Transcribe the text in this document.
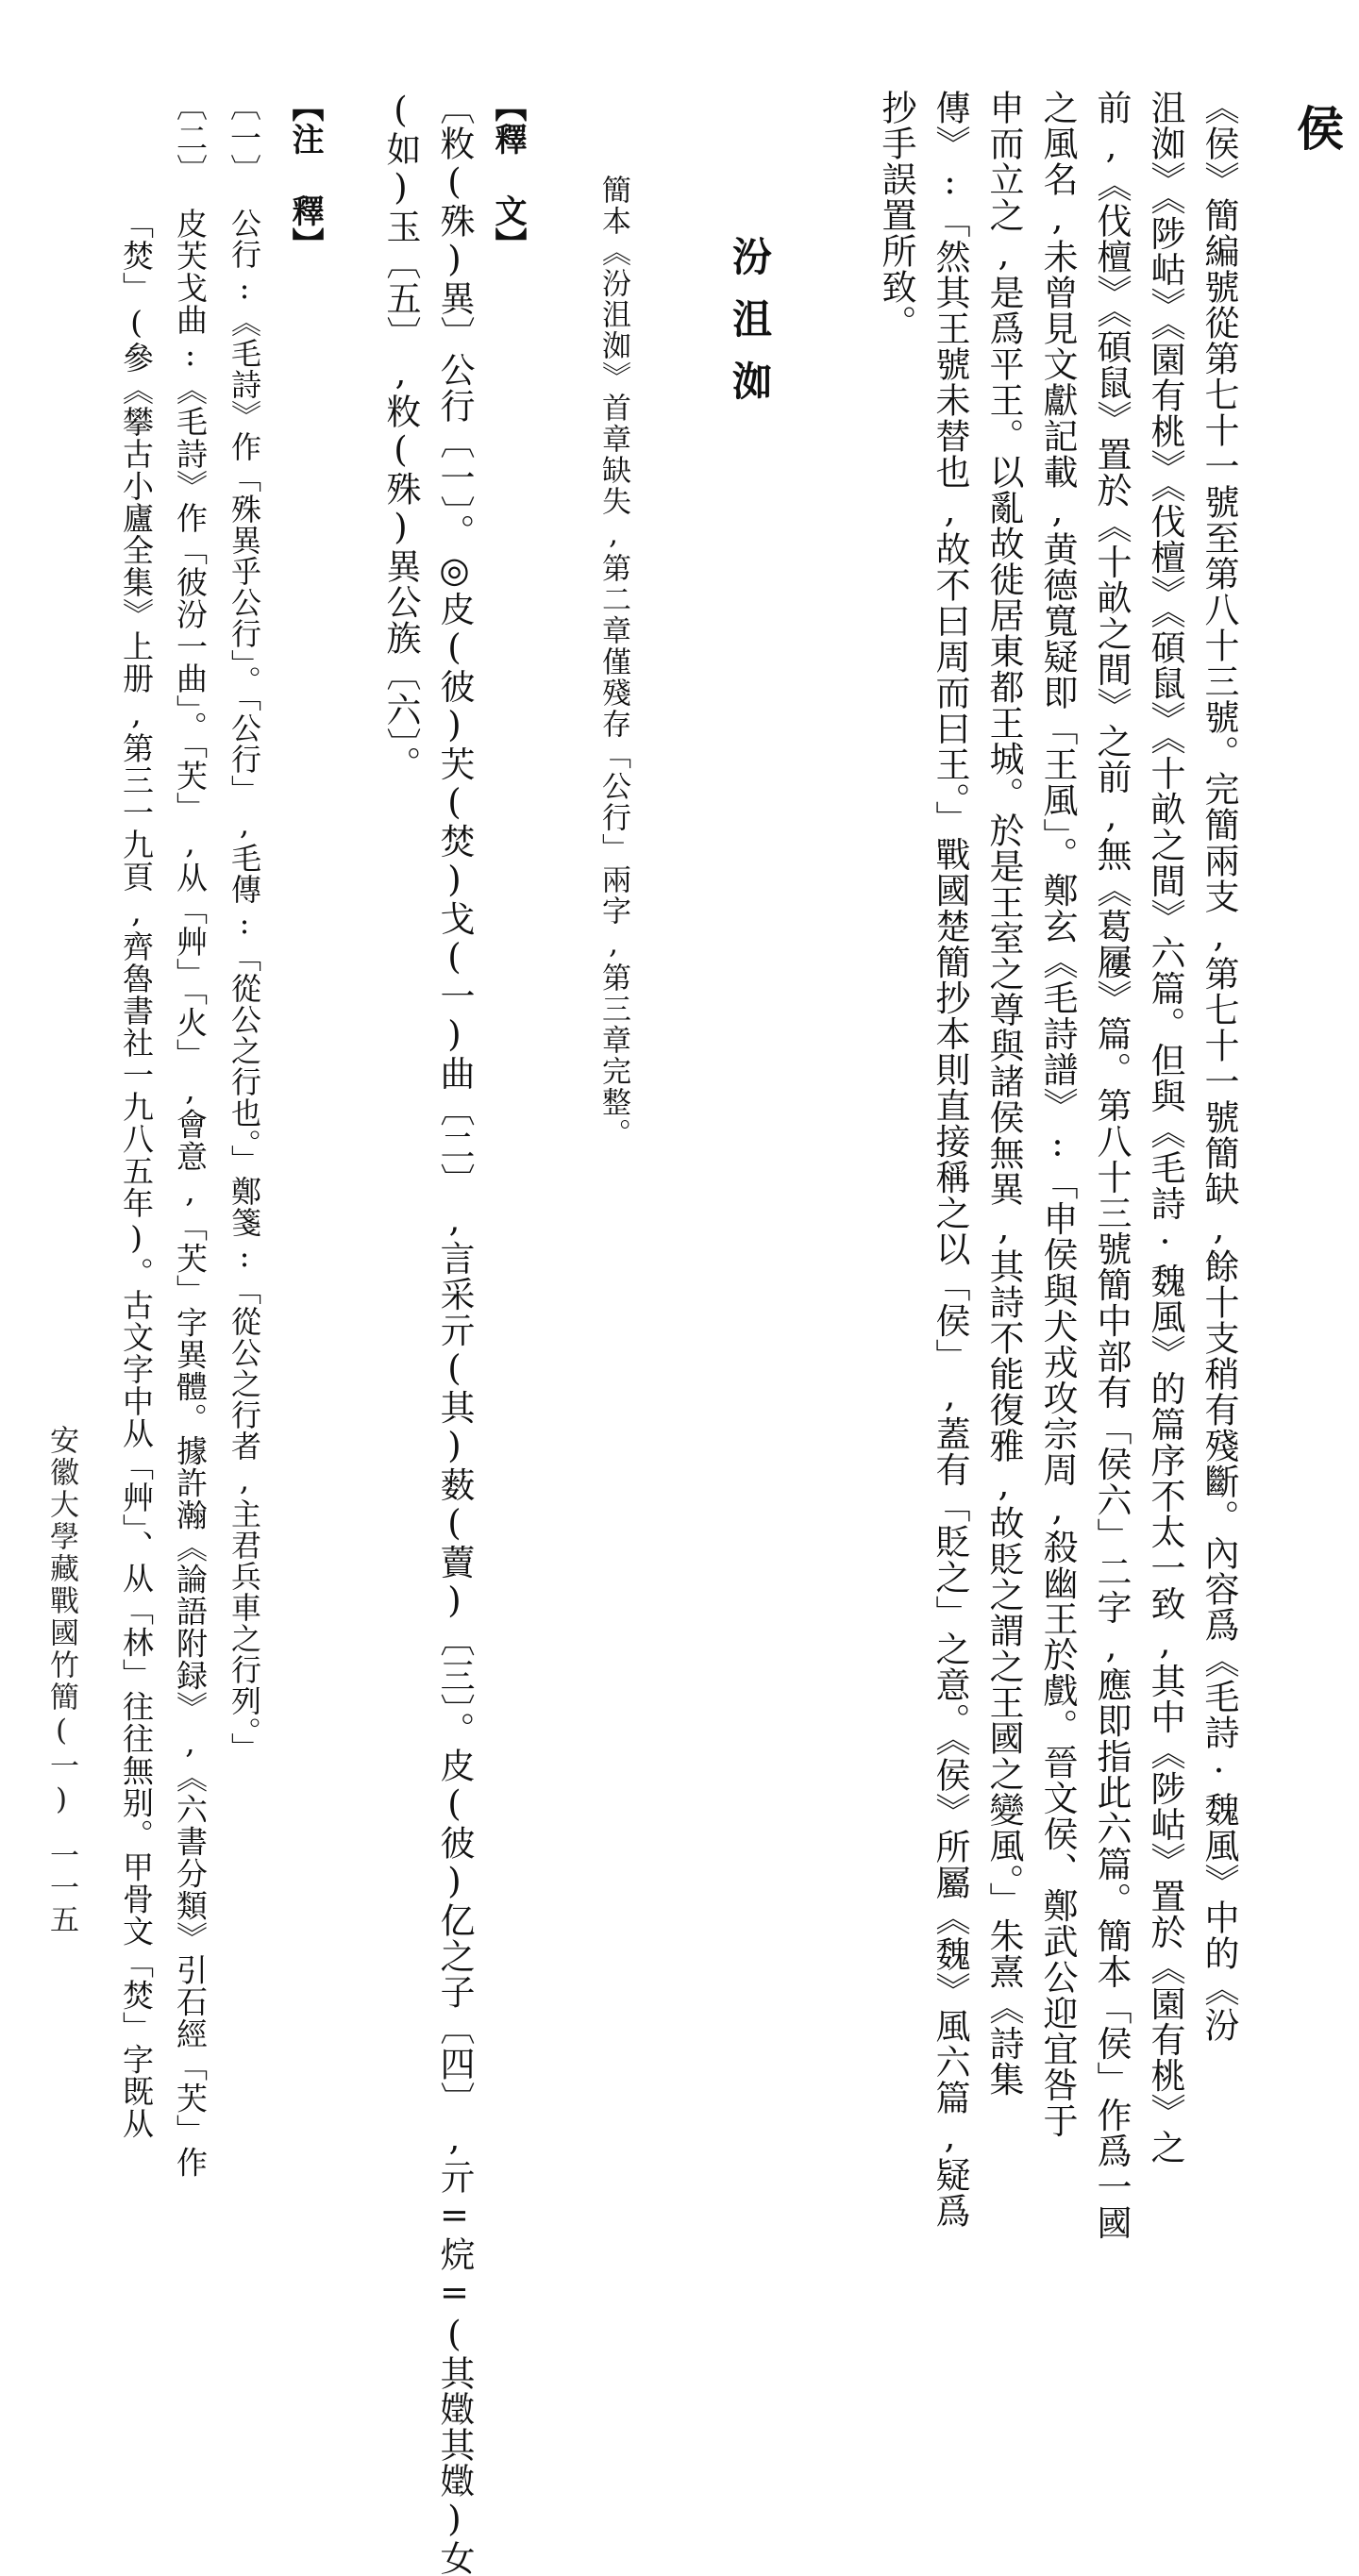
侯
《侯》簡編號從第七十一號至第八十三號。完簡兩支,第七十一號簡缺,餘十支稍有殘斷。內容爲《毛詩·魏風》中的《汾
沮洳》《陟岵》《園有桃》《伐檀》《碩鼠》《十畝之間》六篇。但與《毛詩·魏風》的篇序不太一致,其中《陟岵》置於《園有桃》之
前,《伐檀》《碩鼠》置於《十畝之間》之前,無《葛屨》篇。第八十三號簡中部有「侯六」二字,應即指此六篇。簡本「侯」作爲一國
之風名,未曾見文獻記載,黄德寬疑即「王風」。鄭玄《毛詩譜》:「申侯與犬戎攻宗周,殺幽王於戲。晉文侯、鄭武公迎宜咎于
申而立之,是爲平王。以亂故徙居東都王城。於是王室之尊與諸侯無異,其詩不能復雅,故貶之謂之王國之變風。」朱熹《詩集
傳》:「然其王號未替也,故不曰周而曰王。」戰國楚簡抄本則直接稱之以「侯」,蓋有「貶之」之意。《侯》所屬《魏》風六篇,疑爲
抄手誤置所致。
汾沮洳
簡本《汾沮洳》首章缺失,第二章僅殘存「公行」兩字,第三章完整。
【釋 文】
〔敉(殊)異〕公行〔一〕。◎皮(彼)芖(焚)戈(一)曲〔二〕,言采亓(其)薮(藚)〔三〕。皮(彼)亿之子〔四〕,亓=烷=(其嬍其嬍)女
(如)玉〔五〕,敉(殊)異公族〔六〕。
【注 釋】
〔一〕
公行:《毛詩》作「殊異乎公行」。「公行」,毛傳:「從公之行也。」鄭箋:「從公之行者,主君兵車之行列。」
〔二〕
皮芖戈曲:《毛詩》作「彼汾一曲」。「芖」,从「艸」「火」,會意,「芖」字異體。據許瀚《論語附録》,《六書分類》引石經「芖」作
「焚」(參《攀古小廬全集》上册,第三一九頁,齊魯書社一九八五年)。古文字中从「艸」、从「林」往往無别。甲骨文「焚」字既从
安徽大學藏戰國竹簡(一)
一一五
